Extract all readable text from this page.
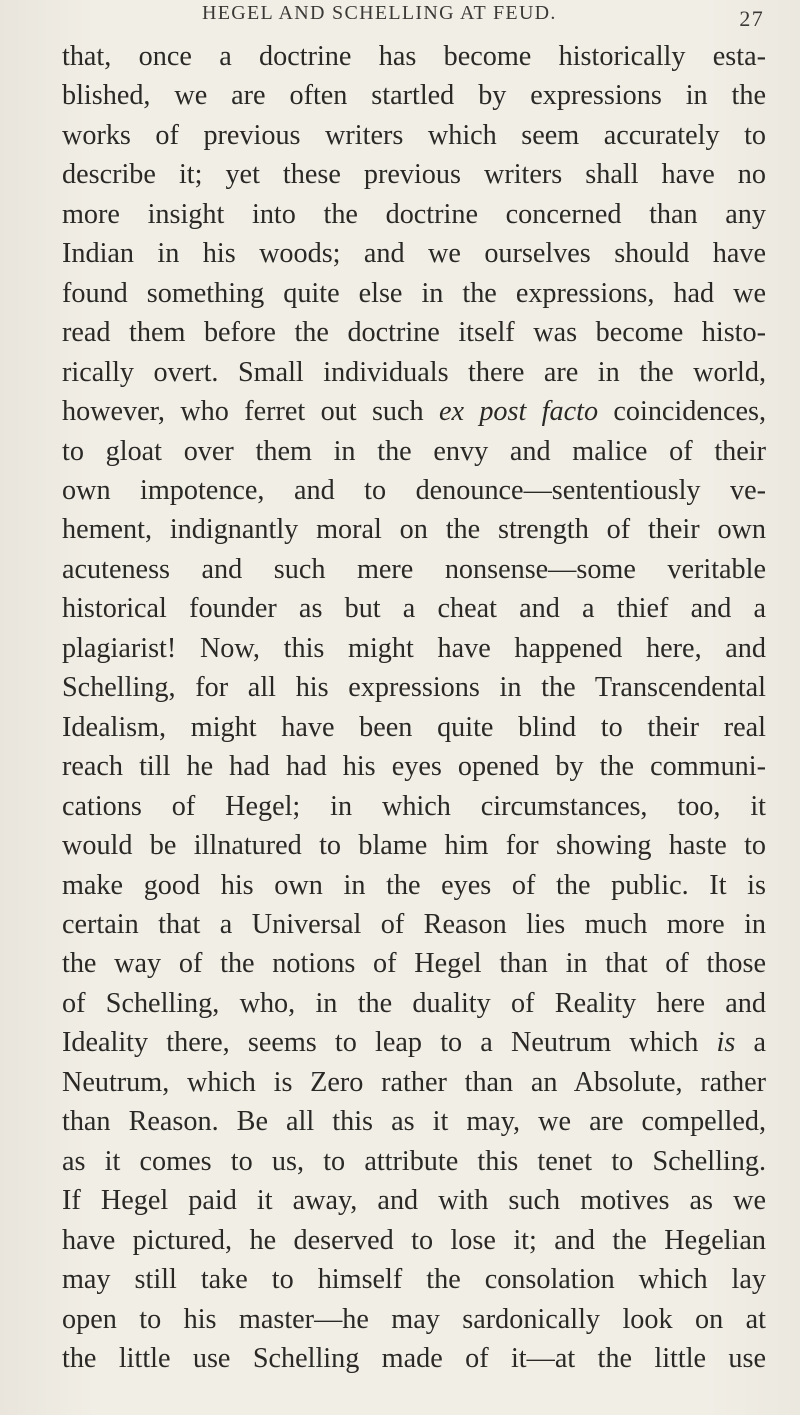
HEGEL AND SCHELLING AT FEUD.	27
that, once a doctrine has become historically esta-
blished, we are often startled by expressions in the
works of previous writers which seem accurately to
describe it; yet these previous writers shall have no
more insight into the doctrine concerned than any
Indian in his woods; and we ourselves should have
found something quite else in the expressions, had we
read them before the doctrine itself was become histo-
rically overt. Small individuals there are in the world,
however, who ferret out such ex post facto coincidences,
to gloat over them in the envy and malice of their
own impotence, and to denounce—sententiously ve-
hement, indignantly moral on the strength of their own
acuteness and such mere nonsense—some veritable
historical founder as but a cheat and a thief and a
plagiarist! Now, this might have happened here, and
Schelling, for all his expressions in the Transcendental
Idealism, might have been quite blind to their real
reach till he had had his eyes opened by the communi-
cations of Hegel; in which circumstances, too, it
would be illnatured to blame him for showing haste to
make good his own in the eyes of the public. It is
certain that a Universal of Reason lies much more in
the way of the notions of Hegel than in that of those
of Schelling, who, in the duality of Reality here and
Ideality there, seems to leap to a Neutrum which is a
Neutrum, which is Zero rather than an Absolute, rather
than Reason. Be all this as it may, we are compelled,
as it comes to us, to attribute this tenet to Schelling.
If Hegel paid it away, and with such motives as we
have pictured, he deserved to lose it; and the Hegelian
may still take to himself the consolation which lay
open to his master—he may sardonically look on at
the little use Schelling made of it—at the little use
